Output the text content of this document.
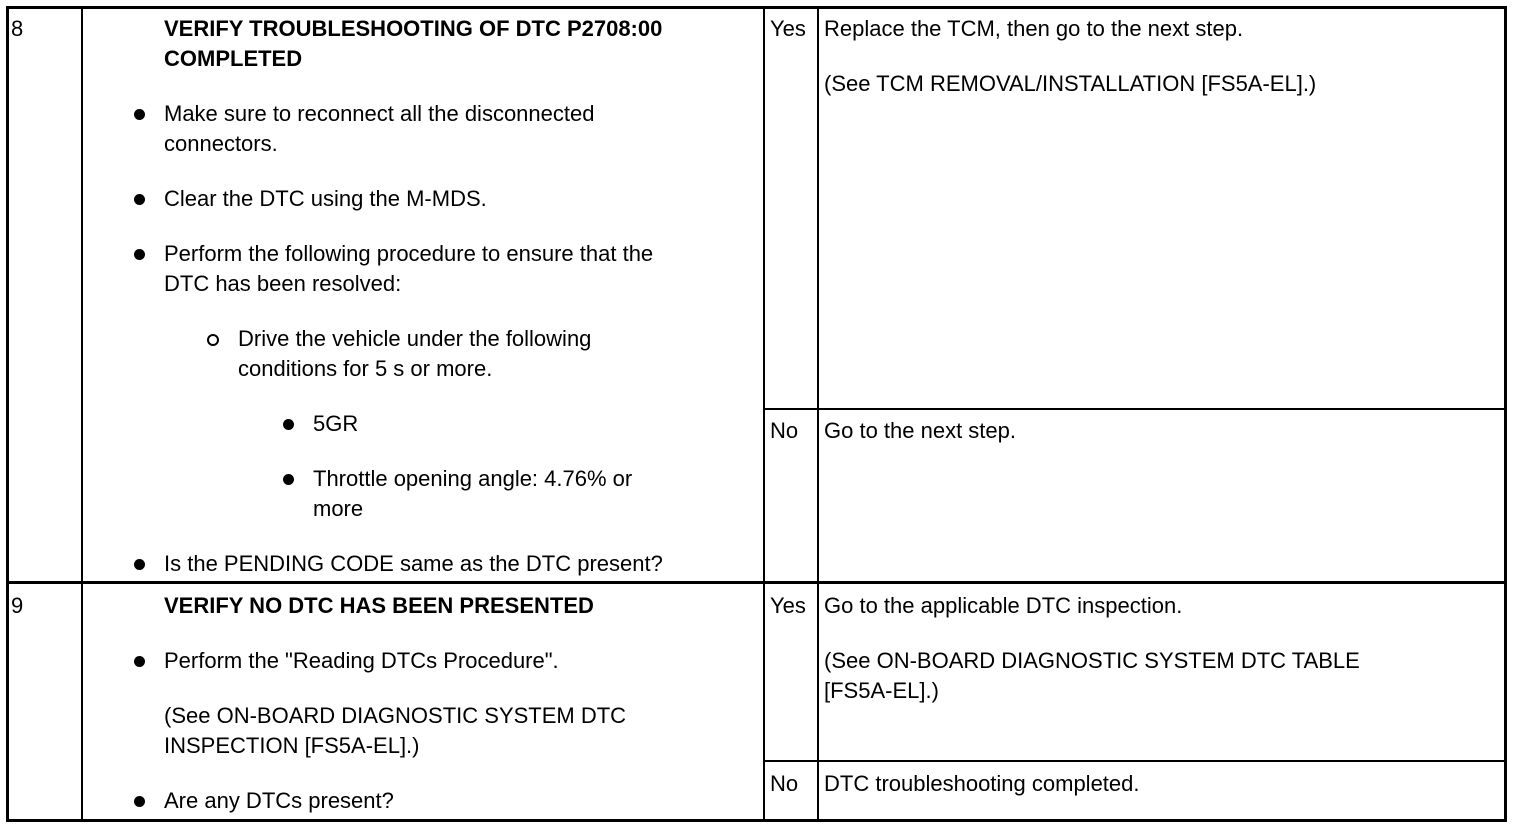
8	VERIFY TROUBLESHOOTING OF DTC P2708:00
COMPLETED
Make sure to reconnect all the disconnected
connectors.
Clear the DTC using the M-MDS.
Perform the following procedure to ensure that the
DTC has been resolved:
Drive the vehicle under the following
conditions for 5 s or more.
5GR
Throttle opening angle: 4.76% or
more
Is the PENDING CODE same as the DTC present?
Yes Replace the TCM, then go to the next step.
(See TCM REMOVAL/INSTALLATION [FS5A-EL].)
No Go to the next step.
9	VERIFY NO DTC HAS BEEN PRESENTED
Perform the "Reading DTCs Procedure".
(See ON-BOARD DIAGNOSTIC SYSTEM DTC
INSPECTION [FS5A-EL].)
Are any DTCs present?
Yes Go to the applicable DTC inspection.
(See ON-BOARD DIAGNOSTIC SYSTEM DTC TABLE
[FS5A-EL].)
No DTC troubleshooting completed.
